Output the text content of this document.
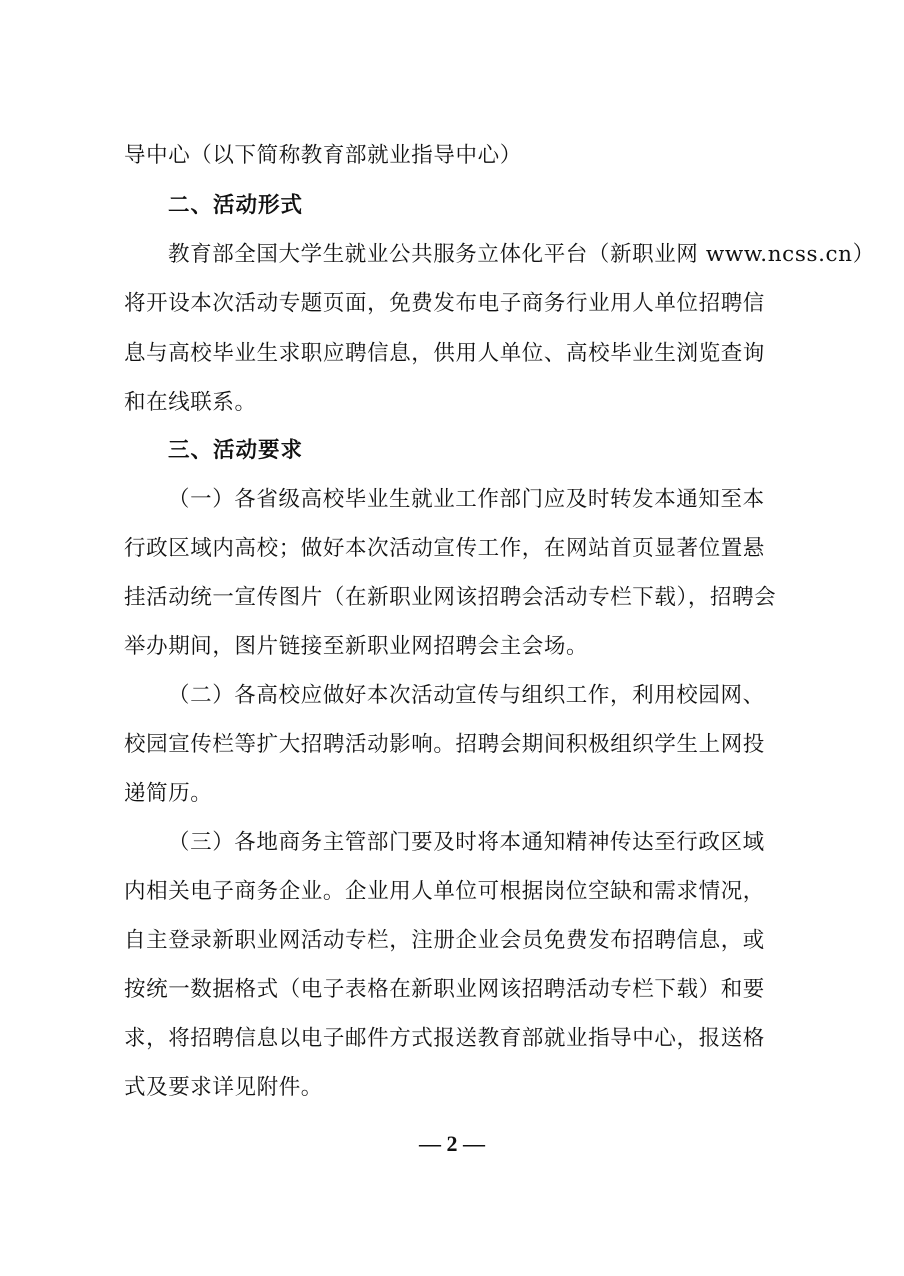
导中心（以下简称教育部就业指导中心）
二、活动形式
教育部全国大学生就业公共服务立体化平台（新职业网 www.ncss.cn）
将开设本次活动专题页面，免费发布电子商务行业用人单位招聘信
息与高校毕业生求职应聘信息，供用人单位、高校毕业生浏览查询
和在线联系。
三、活动要求
（一）各省级高校毕业生就业工作部门应及时转发本通知至本
行政区域内高校；做好本次活动宣传工作，在网站首页显著位置悬
挂活动统一宣传图片（在新职业网该招聘会活动专栏下载），招聘会
举办期间，图片链接至新职业网招聘会主会场。
（二）各高校应做好本次活动宣传与组织工作，利用校园网、
校园宣传栏等扩大招聘活动影响。招聘会期间积极组织学生上网投
递简历。
（三）各地商务主管部门要及时将本通知精神传达至行政区域
内相关电子商务企业。企业用人单位可根据岗位空缺和需求情况，
自主登录新职业网活动专栏，注册企业会员免费发布招聘信息，或
按统一数据格式（电子表格在新职业网该招聘活动专栏下载）和要
求，将招聘信息以电子邮件方式报送教育部就业指导中心，报送格
式及要求详见附件。
— 2 —
